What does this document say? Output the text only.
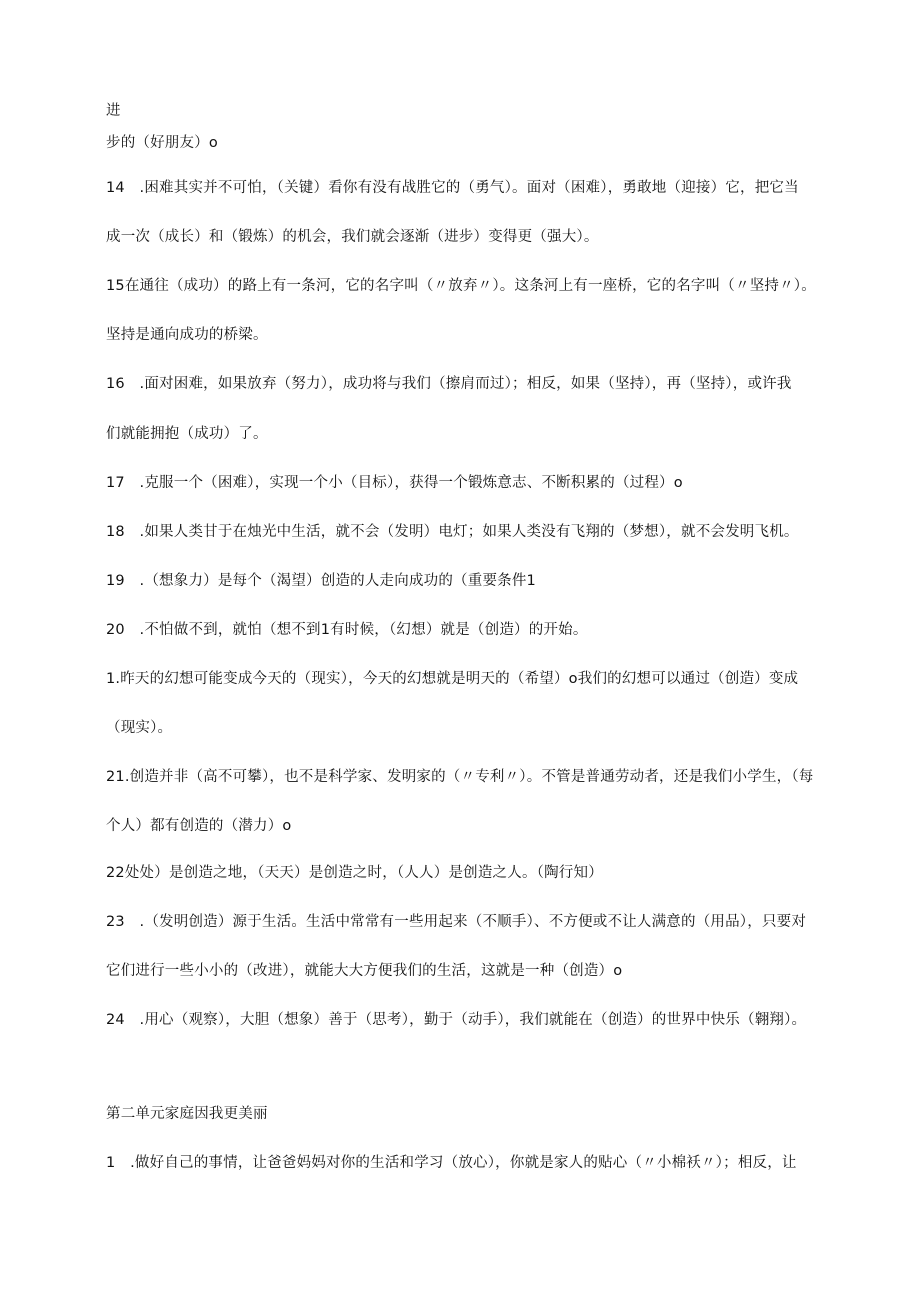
进

步的（好朋友）o

14　.困难其实并不可怕，（关键）看你有没有战胜它的（勇气）。面对（困难），勇敢地（迎接）它，把它当

成一次（成长）和（锻炼）的机会，我们就会逐渐（进步）变得更（强大）。

15在通往（成功）的路上有一条河，它的名字叫（〃放弃〃）。这条河上有一座桥，它的名字叫（〃坚持〃）。

坚持是通向成功的桥梁。

16　.面对困难，如果放弃（努力），成功将与我们（擦肩而过）；相反，如果（坚持），再（坚持），或许我

们就能拥抱（成功）了。

17　.克服一个（困难），实现一个小（目标），获得一个锻炼意志、不断积累的（过程）o

18　.如果人类甘于在烛光中生活，就不会（发明）电灯；如果人类没有飞翔的（梦想），就不会发明飞机。

19　.（想象力）是每个（渴望）创造的人走向成功的（重要条件1

20　.不怕做不到，就怕（想不到1有时候，（幻想）就是（创造）的开始。

1.昨天的幻想可能变成今天的（现实），今天的幻想就是明天的（希望）o我们的幻想可以通过（创造）变成

（现实）。

21.创造并非（高不可攀），也不是科学家、发明家的（〃专利〃）。不管是普通劳动者，还是我们小学生，（每

个人）都有创造的（潜力）o

22处处）是创造之地，（天天）是创造之时，（人人）是创造之人。（陶行知）

23　.（发明创造）源于生活。生活中常常有一些用起来（不顺手）、不方便或不让人满意的（用品），只要对

它们进行一些小小的（改进），就能大大方便我们的生活，这就是一种（创造）o

24　.用心（观察），大胆（想象）善于（思考），勤于（动手），我们就能在（创造）的世界中快乐（翱翔）。

第二单元家庭因我更美丽

1　.做好自己的事情，让爸爸妈妈对你的生活和学习（放心），你就是家人的贴心（〃小棉袄〃）；相反，让
